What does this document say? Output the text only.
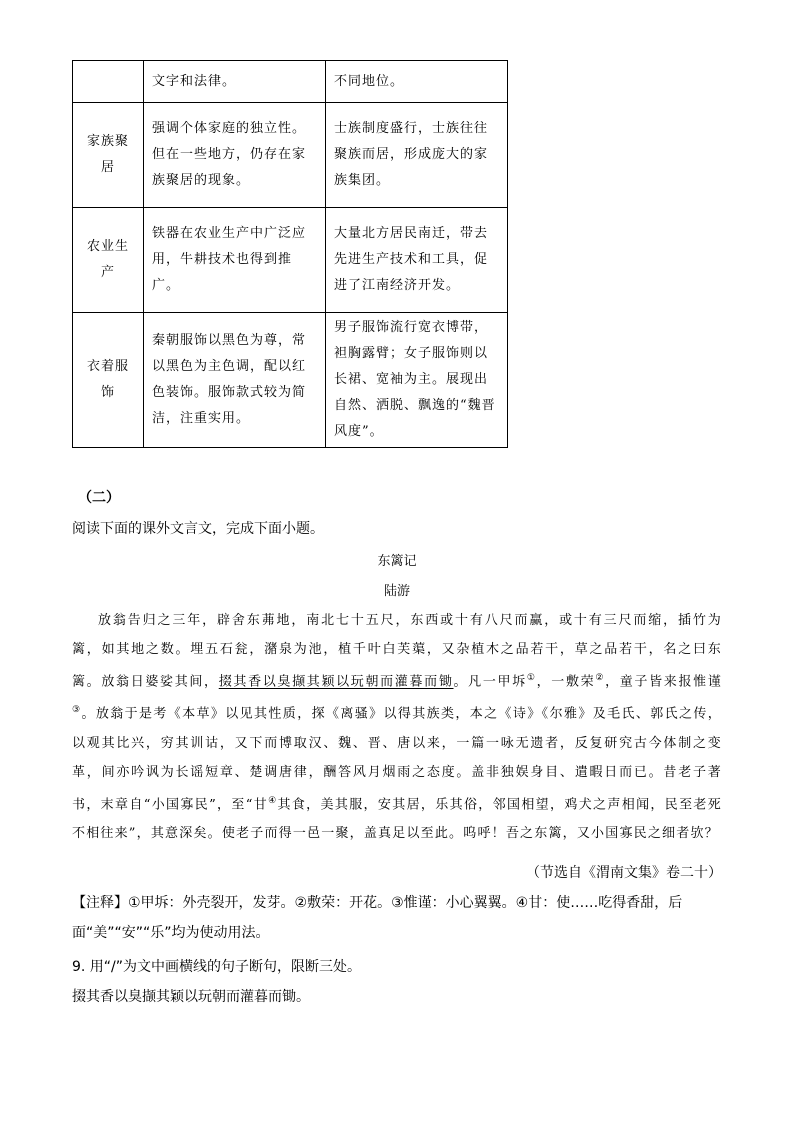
	文字和法律。	不同地位。
家族聚居	强调个体家庭的独立性。但在一些地方，仍存在家族聚居的现象。	士族制度盛行，士族往往聚族而居，形成庞大的家族集团。
农业生产	铁器在农业生产中广泛应用，牛耕技术也得到推广。	大量北方居民南迁，带去先进生产技术和工具，促进了江南经济开发。
衣着服饰	秦朝服饰以黑色为尊，常以黑色为主色调，配以红色装饰。服饰款式较为简洁，注重实用。	男子服饰流行宽衣博带，袒胸露臂；女子服饰则以长裙、宽袖为主。展现出自然、洒脱、飘逸的“魏晋风度”。
（二）
阅读下面的课外文言文，完成下面小题。
东篱记
陆游

放翁告归之三年，辟舍东茀地，南北七十五尺，东西或十有八尺而赢，或十有三尺而缩，插竹为篱，如其地之数。埋五石瓮，潴泉为池，植千叶白芙蕖，又杂植木之品若干，草之品若干，名之曰东篱。放翁日婆娑其间，掇其香以臭撷其颖以玩朝而灌暮而锄。凡一甲坼①，一敷荣②，童子皆来报惟谨③。放翁于是考《本草》以见其性质，探《离骚》以得其族类，本之《诗》《尔雅》及毛氏、郭氏之传，以观其比兴，穷其训诂，又下而博取汉、魏、晋、唐以来，一篇一咏无遗者，反复研究古今体制之变革，间亦吟讽为长谣短章、楚调唐律，酬答风月烟雨之态度。盖非独娱身目、遣暇日而已。昔老子著书，末章自“小国寡民”，至“甘④其食，美其服，安其居，乐其俗，邻国相望，鸡犬之声相闻，民至老死不相往来”，其意深矣。使老子而得一邑一聚，盖真足以至此。呜呼！吾之东篱，又小国寡民之细者欤？

（节选自《渭南文集》卷二十）
【注释】①甲坼：外壳裂开，发芽。②敷荣：开花。③惟谨：小心翼翼。④甘：使……吃得香甜，后面“美”“安”“乐”均为使动用法。
9. 用“/”为文中画横线的句子断句，限断三处。
掇其香以臭撷其颖以玩朝而灌暮而锄。
